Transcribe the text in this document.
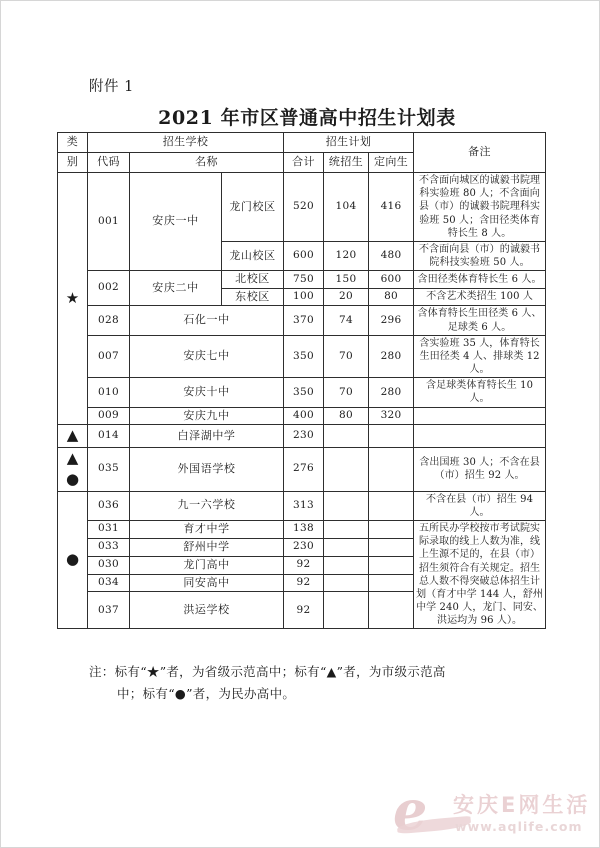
附件 1
2021 年市区普通高中招生计划表
类	招生学校			招生计划			备注
别	代码	名称		合计	统招生	定向生	

★	001	安庆一中	龙门校区	520	104	416	不含面向城区的诚毅书院理科实验班 80 人；不含面向县（市）的诚毅书院理科实验班 50 人；含田径类体育特长生 8 人。
			龙山校区	600	120	480	不含面向县（市）的诚毅书院科技实验班 50 人。
	002	安庆二中	北校区	750	150	600	含田径类体育特长生 6 人。
			东校区	100	20	80	不含艺术类招生 100 人
	028	石化一中		370	74	296	含体育特长生田径类 6 人、足球类 6 人。
	007	安庆七中		350	70	280	含实验班 35 人，体育特长生田径类 4 人、排球类 12 人。
	010	安庆十中		350	70	280	含足球类体育特长生 10 人。
	009	安庆九中		400	80	320	

▲	014	白泽湖中学		230			

▲
●	035	外国语学校		276			含出国班 30 人；不含在县（市）招生 92 人。

●	036	九一六学校		313			不含在县（市）招生 94 人。
	031	育才中学		138			五所民办学校按市考试院实际录取的线上人数为准，线上生源不足的，在县（市）招生须符合有关规定。招生总人数不得突破总体招生计划（育才中学 144 人，舒州中学 240 人，龙门、同安、洪运均为 96 人）。
	033	舒州中学		230			
	030	龙门高中		92			
	034	同安高中		92			
	037	洪运学校		92			
注：标有“★”者，为省级示范高中；标有“▲”者，为市级示范高
中；标有“●”者，为民办高中。
e 安庆E网生活
www.aqlife.com
